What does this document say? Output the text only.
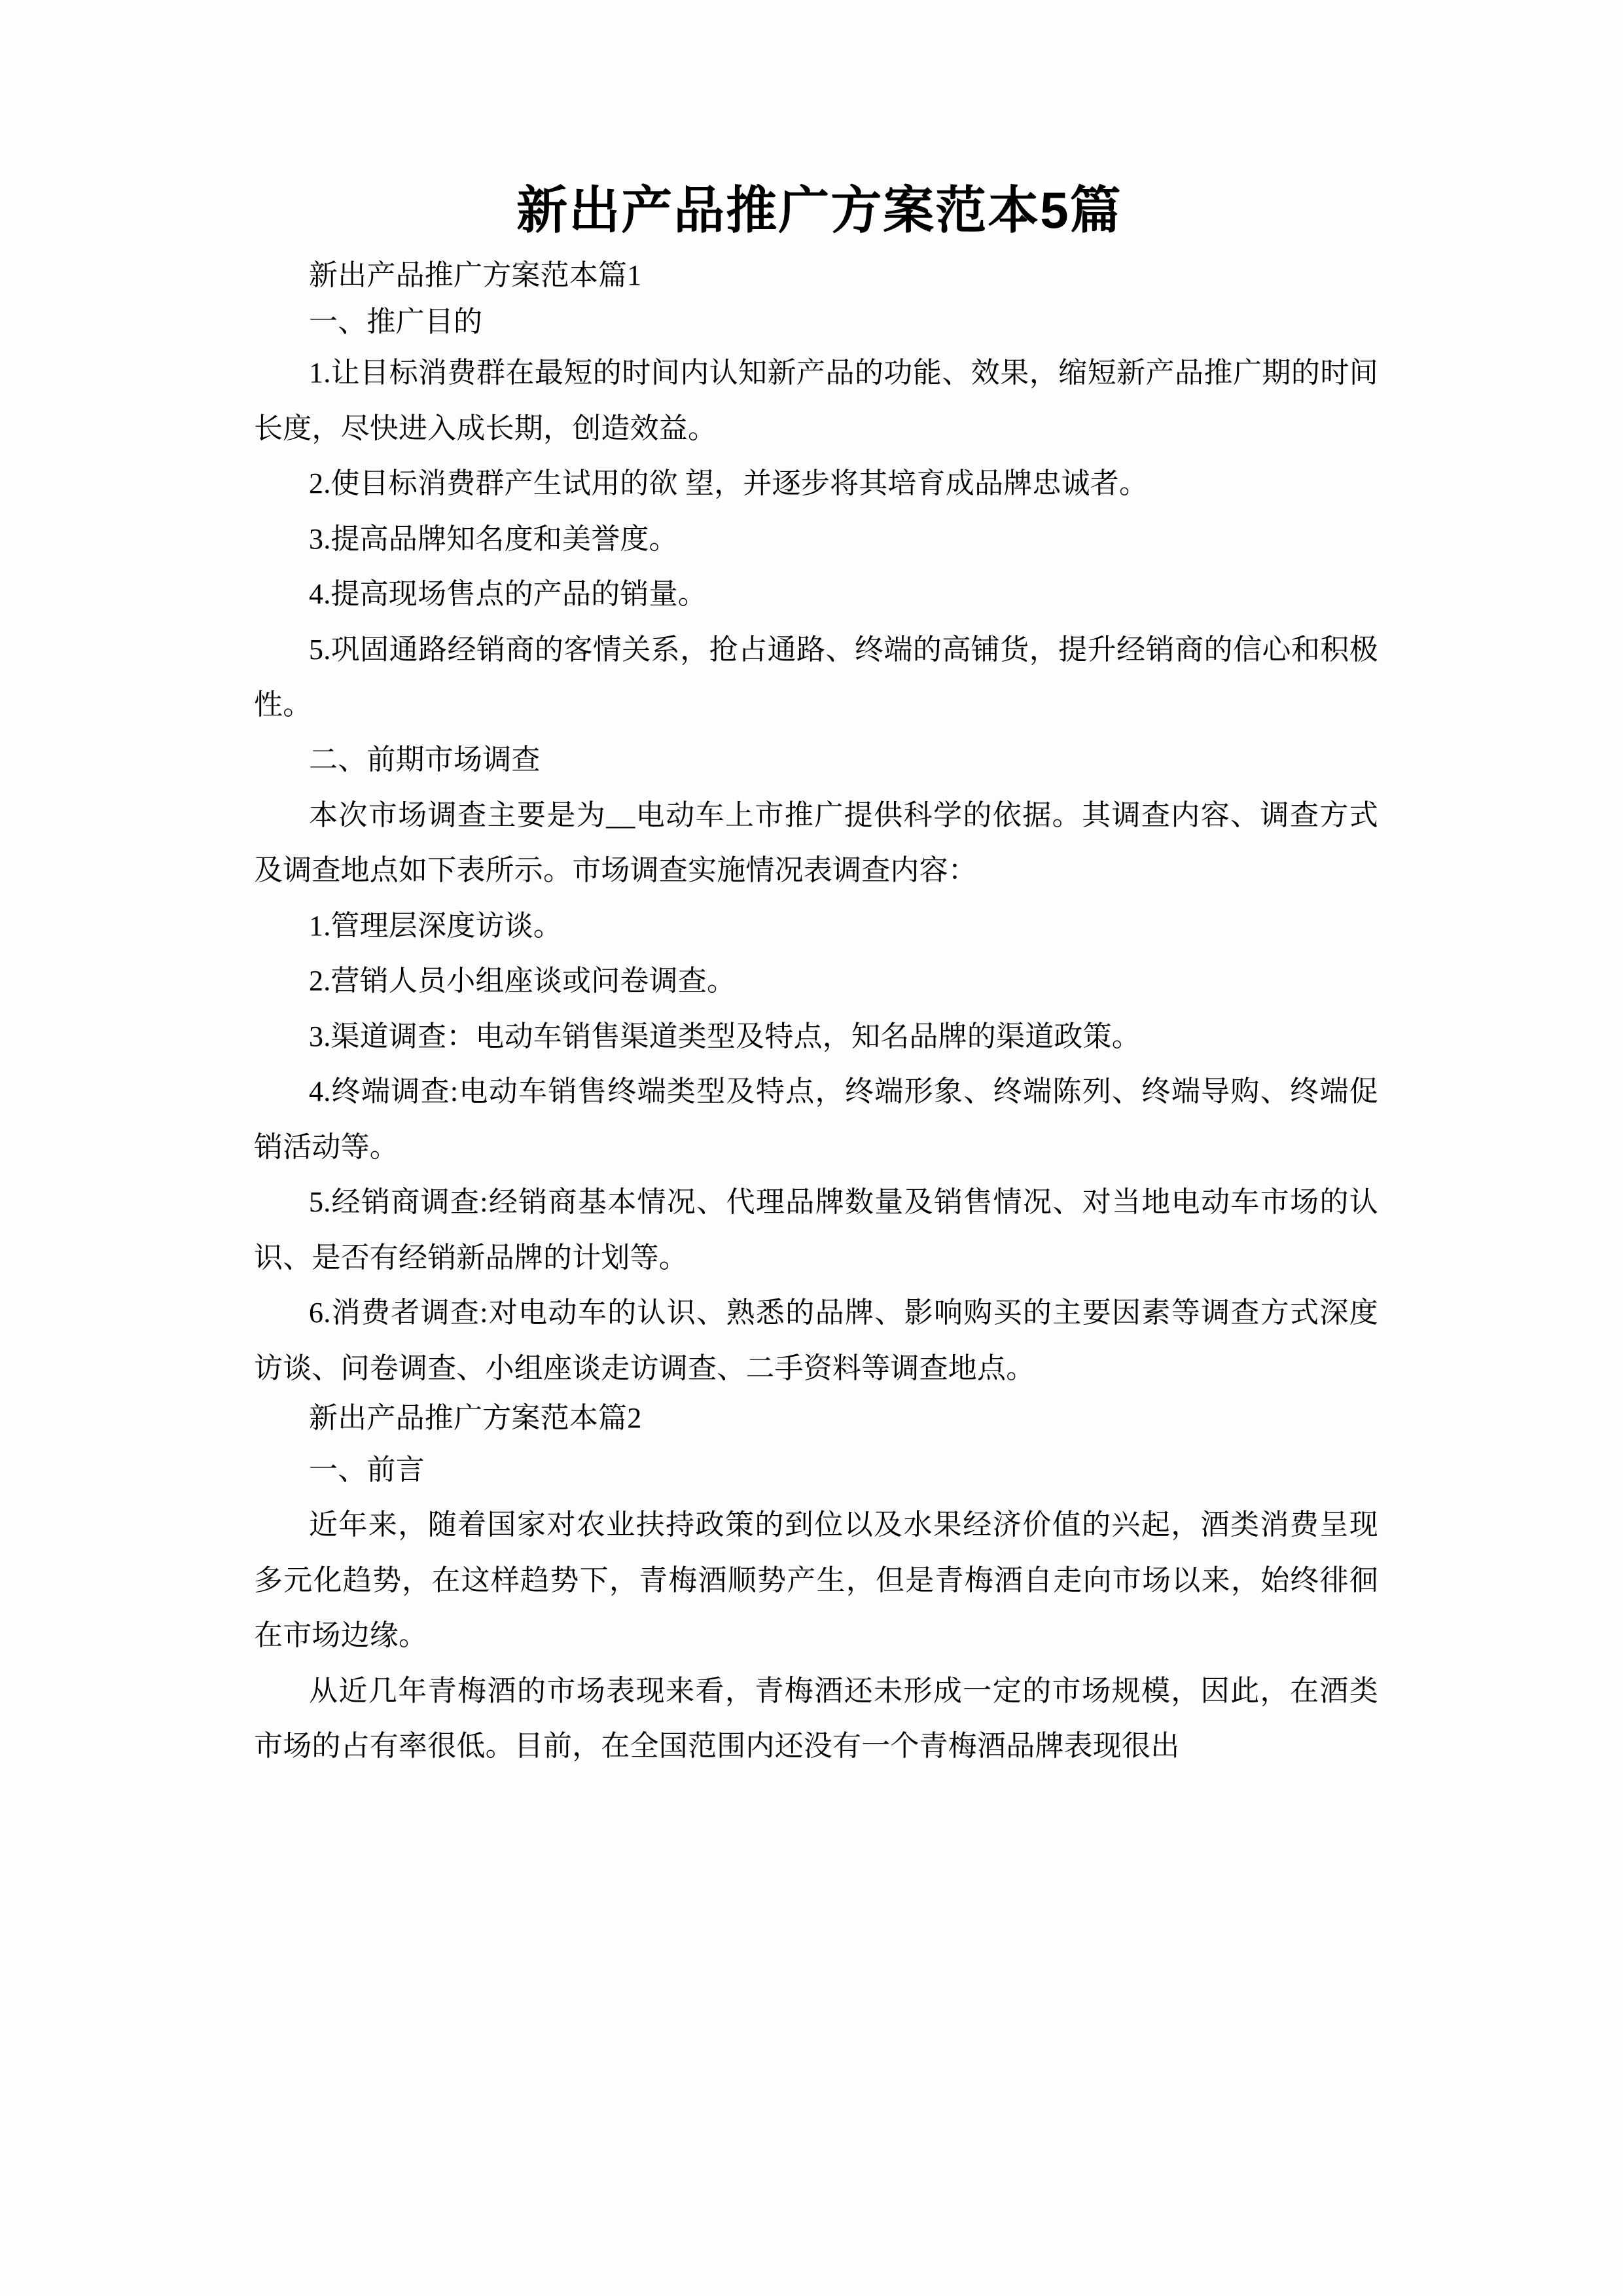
新出产品推广方案范本5篇

新出产品推广方案范本篇1

一、推广目的

1.让目标消费群在最短的时间内认知新产品的功能、效果，缩短新产品推广期的时间长度，尽快进入成长期，创造效益。

2.使目标消费群产生试用的欲 望，并逐步将其培育成品牌忠诚者。

3.提高品牌知名度和美誉度。

4.提高现场售点的产品的销量。

5.巩固通路经销商的客情关系，抢占通路、终端的高铺货，提升经销商的信心和积极性。

二、前期市场调查

本次市场调查主要是为__电动车上市推广提供科学的依据。其调查内容、调查方式及调查地点如下表所示。市场调查实施情况表调查内容：

1.管理层深度访谈。

2.营销人员小组座谈或问卷调查。

3.渠道调查：电动车销售渠道类型及特点，知名品牌的渠道政策。

4.终端调查:电动车销售终端类型及特点，终端形象、终端陈列、终端导购、终端促销活动等。

5.经销商调查:经销商基本情况、代理品牌数量及销售情况、对当地电动车市场的认识、是否有经销新品牌的计划等。

6.消费者调查:对电动车的认识、熟悉的品牌、影响购买的主要因素等调查方式深度访谈、问卷调查、小组座谈走访调查、二手资料等调查地点。

新出产品推广方案范本篇2

一、前言

近年来，随着国家对农业扶持政策的到位以及水果经济价值的兴起，酒类消费呈现多元化趋势，在这样趋势下，青梅酒顺势产生，但是青梅酒自走向市场以来，始终徘徊在市场边缘。

从近几年青梅酒的市场表现来看，青梅酒还未形成一定的市场规模，因此，在酒类市场的占有率很低。目前，在全国范围内还没有一个青梅酒品牌表现很出
